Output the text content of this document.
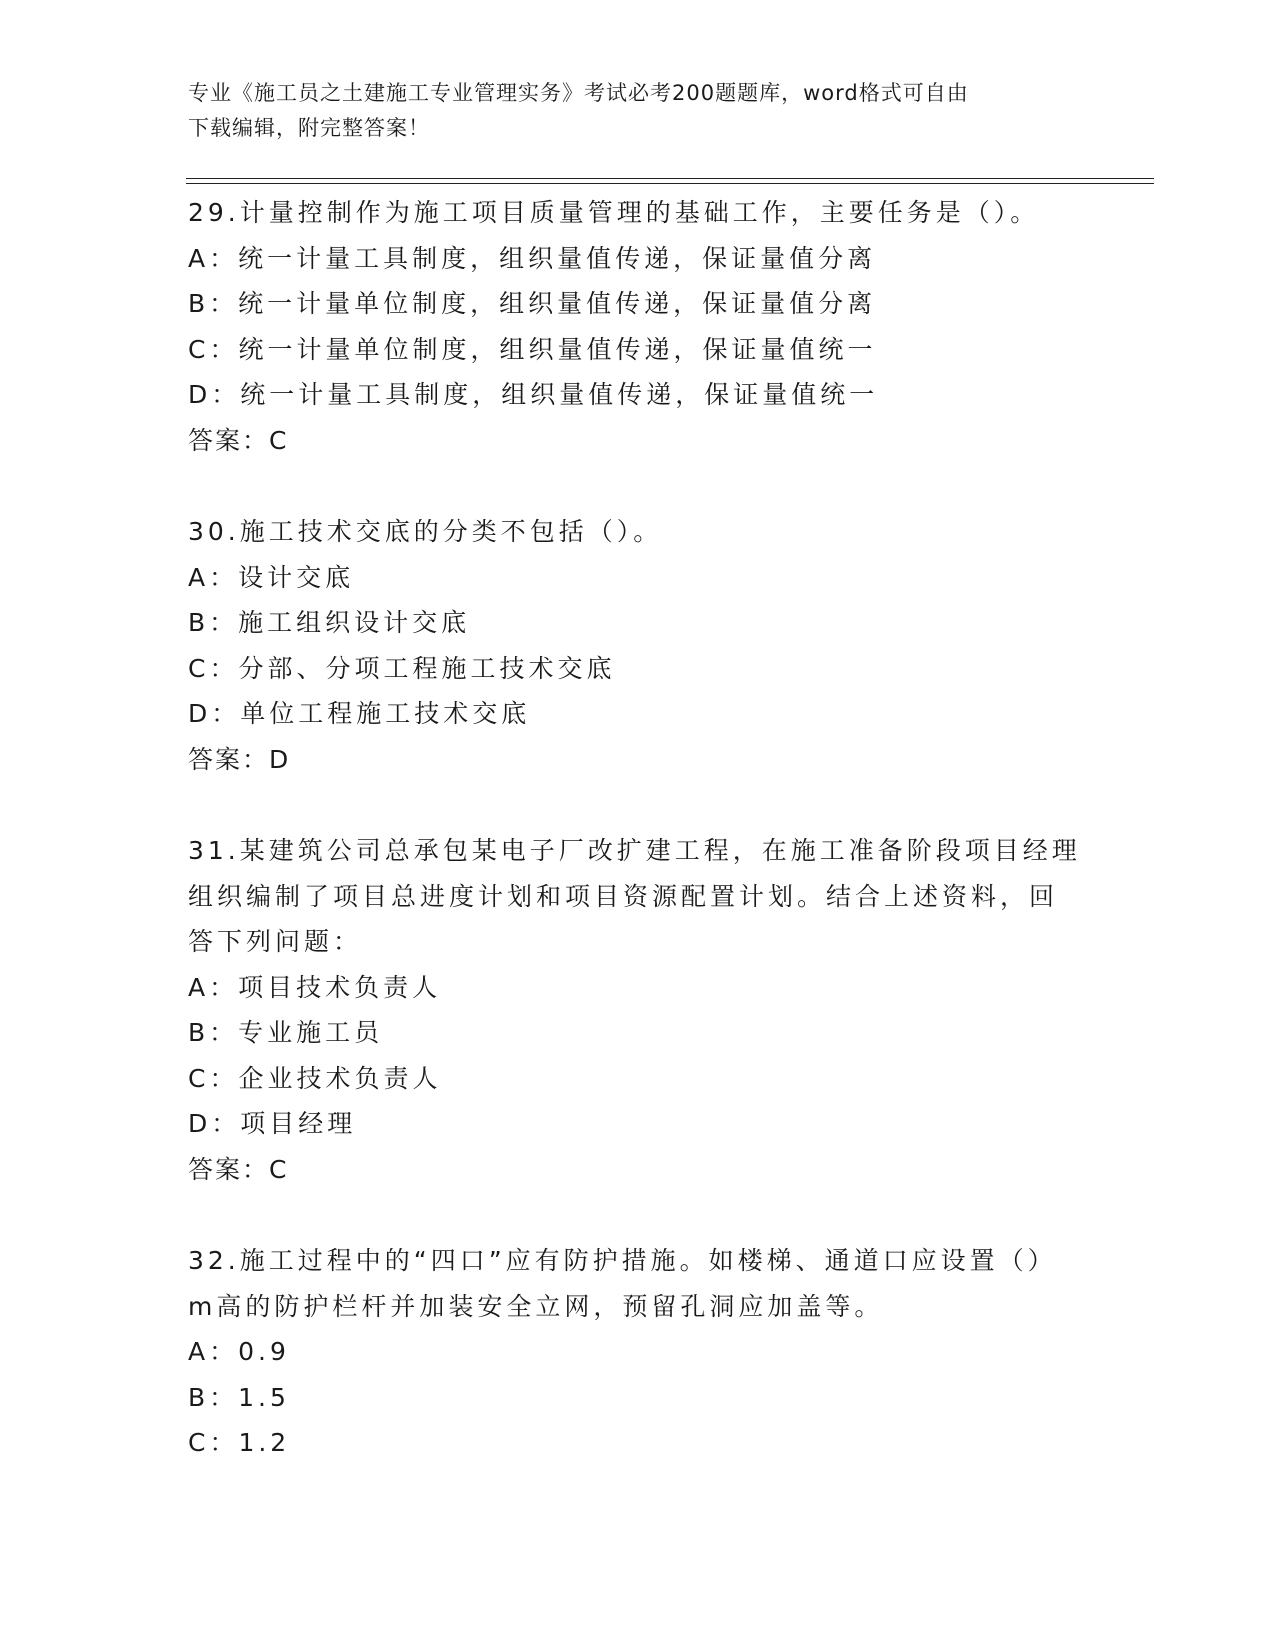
专业《施工员之土建施工专业管理实务》考试必考200题题库，word格式可自由
下载编辑，附完整答案！
29.计量控制作为施工项目质量管理的基础工作，主要任务是（）。
A：统一计量工具制度，组织量值传递，保证量值分离
B：统一计量单位制度，组织量值传递，保证量值分离
C：统一计量单位制度，组织量值传递，保证量值统一
D：统一计量工具制度，组织量值传递，保证量值统一
答案：C
30.施工技术交底的分类不包括（）。
A：设计交底
B：施工组织设计交底
C：分部、分项工程施工技术交底
D：单位工程施工技术交底
答案：D
31.某建筑公司总承包某电子厂改扩建工程，在施工准备阶段项目经理
组织编制了项目总进度计划和项目资源配置计划。结合上述资料，回
答下列问题：
A：项目技术负责人
B：专业施工员
C：企业技术负责人
D：项目经理
答案：C
32.施工过程中的“四口”应有防护措施。如楼梯、通道口应设置（）
m高的防护栏杆并加装安全立网，预留孔洞应加盖等。
A：0.9
B：1.5
C：1.2
